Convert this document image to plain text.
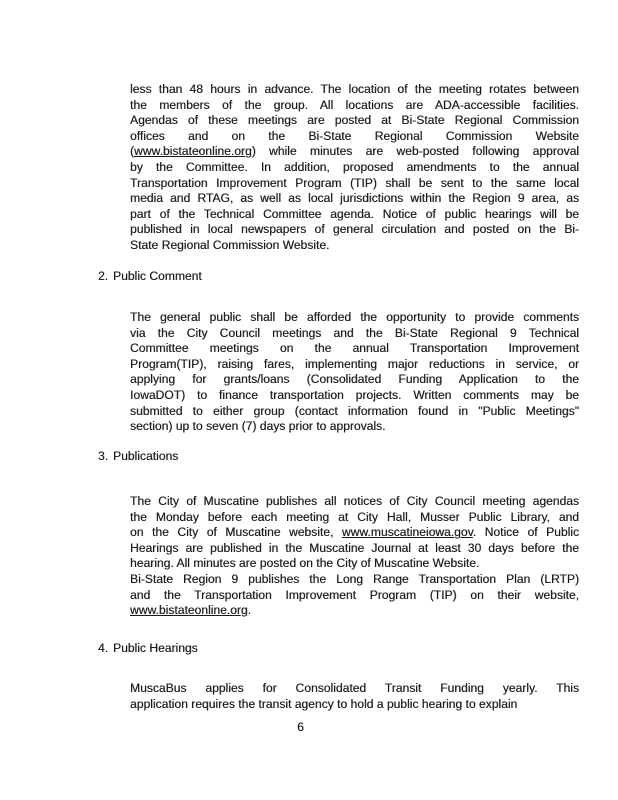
less than 48 hours in advance. The location of the meeting rotates between
the members of the group. All locations are ADA-accessible facilities.
Agendas of these meetings are posted at Bi-State Regional Commission
offices and on the Bi-State Regional Commission Website
(www.bistateonline.org) while minutes are web-posted following approval
by the Committee. In addition, proposed amendments to the annual
Transportation Improvement Program (TIP) shall be sent to the same local
media and RTAG, as well as local jurisdictions within the Region 9 area, as
part of the Technical Committee agenda. Notice of public hearings will be
published in local newspapers of general circulation and posted on the Bi-
State Regional Commission Website.
2. Public Comment
The general public shall be afforded the opportunity to provide comments
via the City Council meetings and the Bi-State Regional 9 Technical
Committee meetings on the annual Transportation Improvement
Program(TIP), raising fares, implementing major reductions in service, or
applying for grants/loans (Consolidated Funding Application to the
IowaDOT) to finance transportation projects. Written comments may be
submitted to either group (contact information found in "Public Meetings"
section) up to seven (7) days prior to approvals.
3. Publications
The City of Muscatine publishes all notices of City Council meeting agendas
the Monday before each meeting at City Hall, Musser Public Library, and
on the City of Muscatine website, www.muscatineiowa.gov. Notice of Public
Hearings are published in the Muscatine Journal at least 30 days before the
hearing. All minutes are posted on the City of Muscatine Website.
Bi-State Region 9 publishes the Long Range Transportation Plan (LRTP)
and the Transportation Improvement Program (TIP) on their website,
www.bistateonline.org.
4. Public Hearings
MuscaBus applies for Consolidated Transit Funding yearly. This
application requires the transit agency to hold a public hearing to explain
6
